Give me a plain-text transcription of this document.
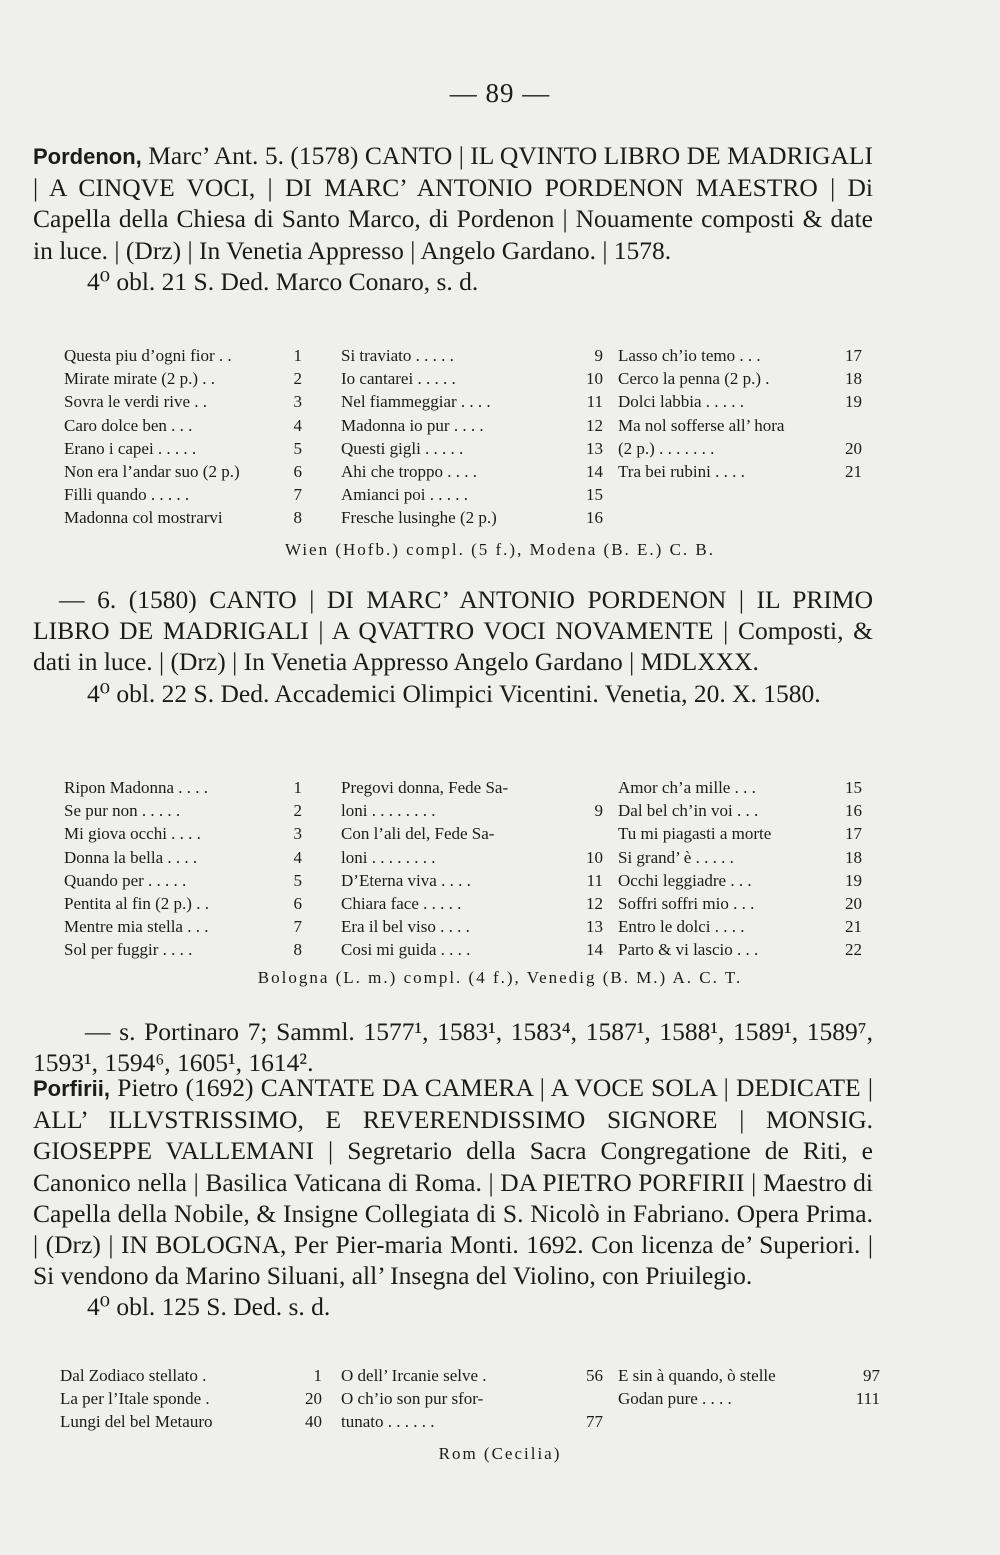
— 89 —

Pordenon, Marc’ Ant. 5. (1578) CANTO | IL QVINTO LIBRO DE MADRIGALI | A CINQVE VOCI, | DI MARC’ ANTONIO PORDENON MAESTRO | Di Capella della Chiesa di Santo Marco, di Pordenon | Nouamente composti & date in luce. | (Drz) | In Venetia Appresso | Angelo Gardano. | 1578.

4⁰ obl. 21 S. Ded. Marco Conaro, s. d.

Questa piu d’ogni fior . .	1
Mirate mirate (2 p.) . .	2
Sovra le verdi rive . .	3
Caro dolce ben . . .	4
Erano i capei . . . . .	5
Non era l’andar suo (2 p.)	6
Filli quando . . . . .	7
Madonna col mostrarvi	8
Si traviato . . . . .	9
Io cantarei . . . . .	10
Nel fiammeggiar . . . .	11
Madonna io pur . . . .	12
Questi gigli . . . . .	13
Ahi che troppo . . . .	14
Amianci poi . . . . .	15
Fresche lusinghe (2 p.)	16
Lasso ch’io temo . . .	17
Cerco la penna (2 p.) .	18
Dolci labbia . . . . .	19
Ma nol sofferse all’ hora
(2 p.) . . . . . . .	20
Tra bei rubini . . . .	21
Wien (Hofb.) compl. (5 f.), Modena (B. E.) C. B.

— 6. (1580) CANTO | DI MARC’ ANTONIO PORDENON | IL PRIMO LIBRO DE MADRIGALI | A QVATTRO VOCI NOVAMENTE | Composti, & dati in luce. | (Drz) | In Venetia Appresso Angelo Gardano | MDLXXX.

4⁰ obl. 22 S. Ded. Accademici Olimpici Vicentini. Venetia, 20. X. 1580.

Ripon Madonna . . . .	1
Se pur non . . . . .	2
Mi giova occhi . . . .	3
Donna la bella . . . .	4
Quando per . . . . .	5
Pentita al fin (2 p.) . .	6
Mentre mia stella . . .	7
Sol per fuggir . . . .	8
Pregovi donna, Fede Sa-
loni . . . . . . . .	9
Con l’ali del, Fede Sa-
loni . . . . . . . .	10
D’Eterna viva . . . .	11
Chiara face . . . . .	12
Era il bel viso . . . .	13
Cosi mi guida . . . .	14
Amor ch’a mille . . .	15
Dal bel ch’in voi . . .	16
Tu mi piagasti a morte	17
Si grand’ è . . . . .	18
Occhi leggiadre . . .	19
Soffri soffri mio . . .	20
Entro le dolci . . . .	21
Parto & vi lascio . . .	22
Bologna (L. m.) compl. (4 f.), Venedig (B. M.) A. C. T.

— s. Portinaro 7; Samml. 1577¹, 1583¹, 1583⁴, 1587¹, 1588¹, 1589¹, 1589⁷, 1593¹, 1594⁶, 1605¹, 1614².

Porfirii, Pietro (1692) CANTATE DA CAMERA | A VOCE SOLA | DEDICATE | ALL’ ILLVSTRISSIMO, E REVERENDISSIMO SIGNORE | MONSIG. GIOSEPPE VALLEMANI | Segretario della Sacra Congregatione de Riti, e Canonico nella | Basilica Vaticana di Roma. | DA PIETRO PORFIRII | Maestro di Capella della Nobile, & Insigne Collegiata di S. Nicolò in Fabriano. Opera Prima. | (Drz) | IN BOLOGNA, Per Pier-maria Monti. 1692. Con licenza de’ Superiori. | Si vendono da Marino Siluani, all’ Insegna del Violino, con Priuilegio.

4⁰ obl. 125 S. Ded. s. d.

Dal Zodiaco stellato .	1
La per l’Itale sponde .	20
Lungi del bel Metauro	40
O dell’ Ircanie selve .	56
O ch’io son pur sfor-
tunato . . . . . .	77
E sin à quando, ò stelle	97
Godan pure . . . .	111
Rom (Cecilia)
